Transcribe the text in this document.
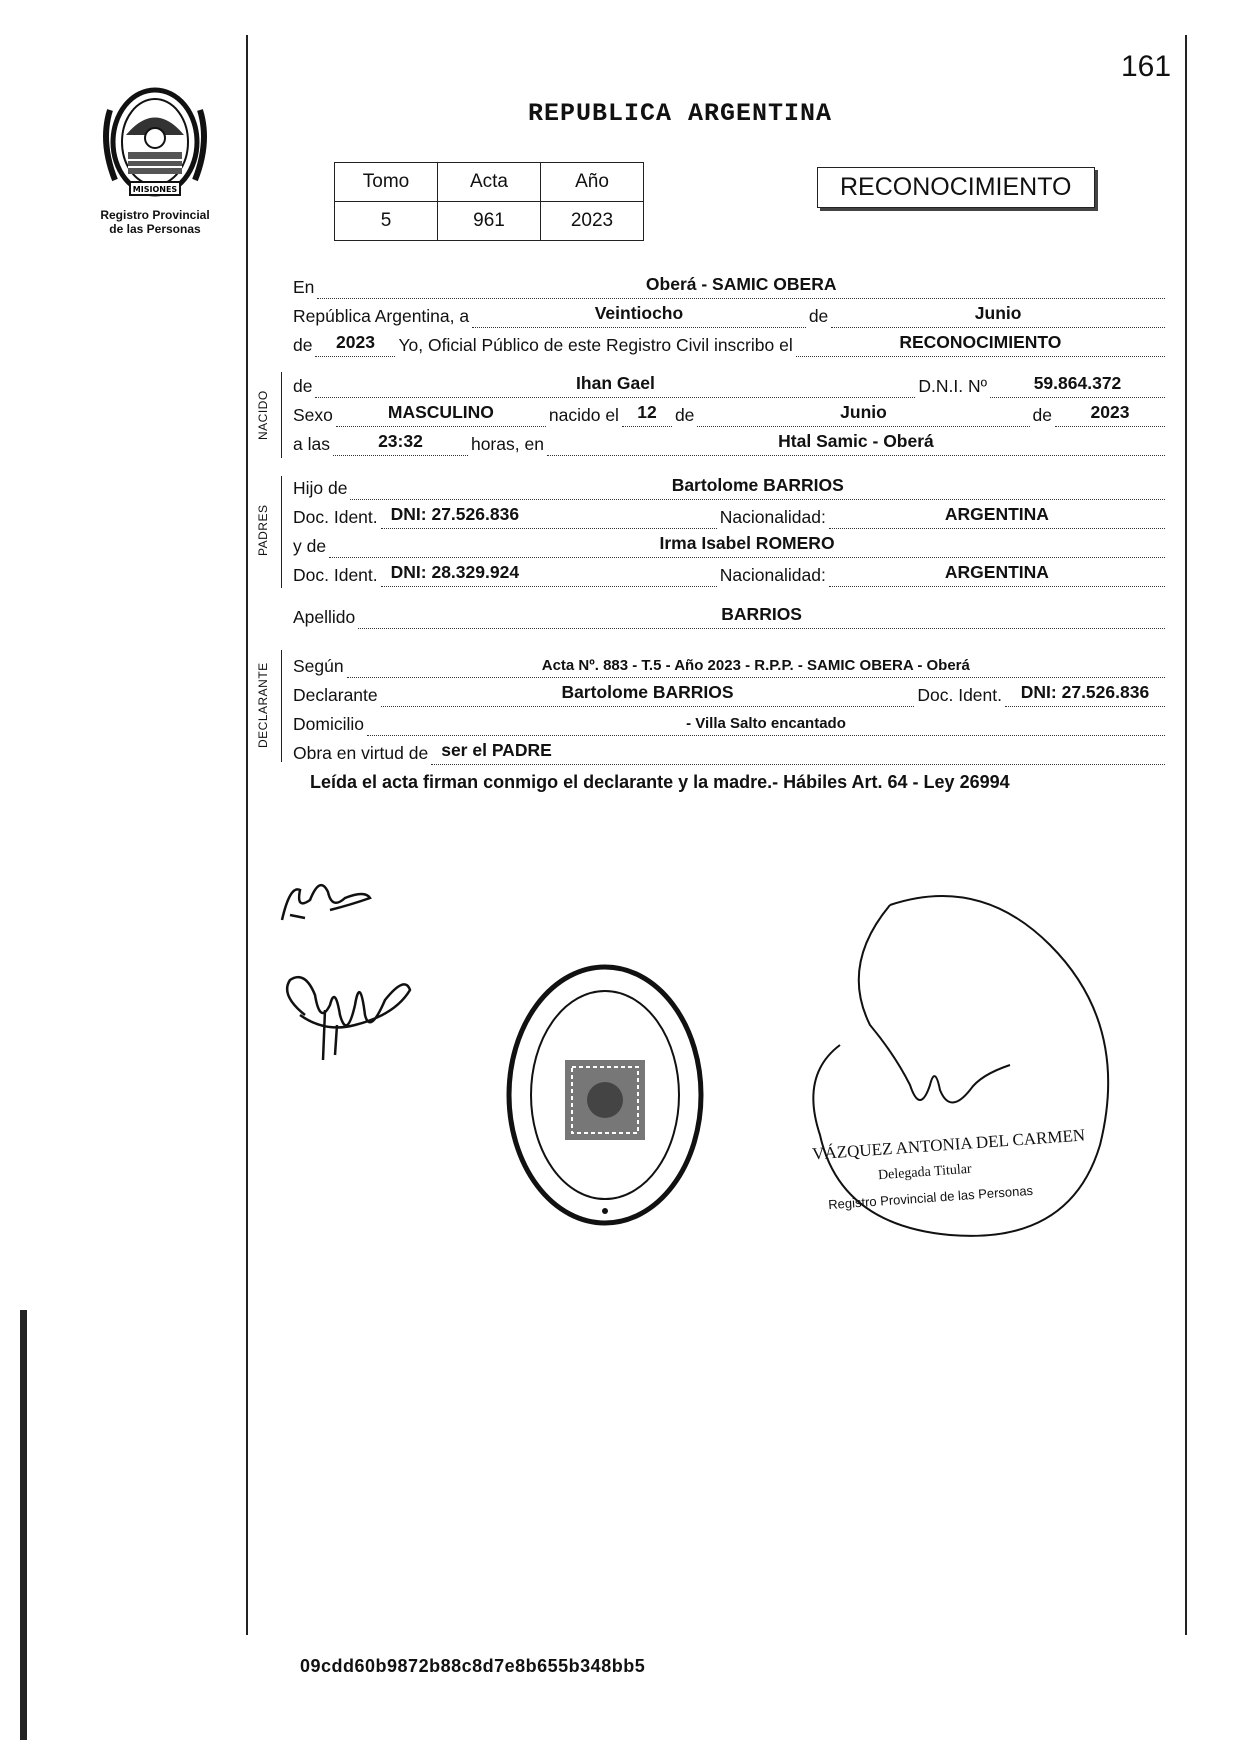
161
MISIONES
Registro Provincial
de las Personas
REPUBLICA ARGENTINA
Tomo	Acta	Año
5	961	2023
RECONOCIMIENTO
NACIDO
PADRES
DECLARANTE
En	Oberá - SAMIC OBERA
República Argentina, a	Veintiocho	de	Junio
de	2023	Yo, Oficial Público de este Registro Civil inscribo el	RECONOCIMIENTO
de	Ihan Gael	D.N.I. Nº	59.864.372
Sexo	MASCULINO	nacido el	12	de	Junio	de	2023
a las	23:32	horas, en	Htal Samic - Oberá
Hijo de	Bartolome BARRIOS
Doc. Ident. DNI: 27.526.836	Nacionalidad:	ARGENTINA
y de	Irma Isabel ROMERO
Doc. Ident. DNI: 28.329.924	Nacionalidad:	ARGENTINA
Apellido	BARRIOS
Según	Acta Nº. 883 - T.5 - Año 2023 - R.P.P. - SAMIC OBERA - Oberá
Declarante	Bartolome BARRIOS	Doc. Ident.	DNI: 27.526.836
Domicilio	- Villa Salto encantado
Obra en virtud de ser el PADRE
Leída el acta firman conmigo el declarante y la madre.- Hábiles Art. 64 - Ley 26994
VÁZQUEZ ANTONIA DEL CARMEN
Delegada Titular
Registro Provincial de las Personas
09cdd60b9872b88c8d7e8b655b348bb5
